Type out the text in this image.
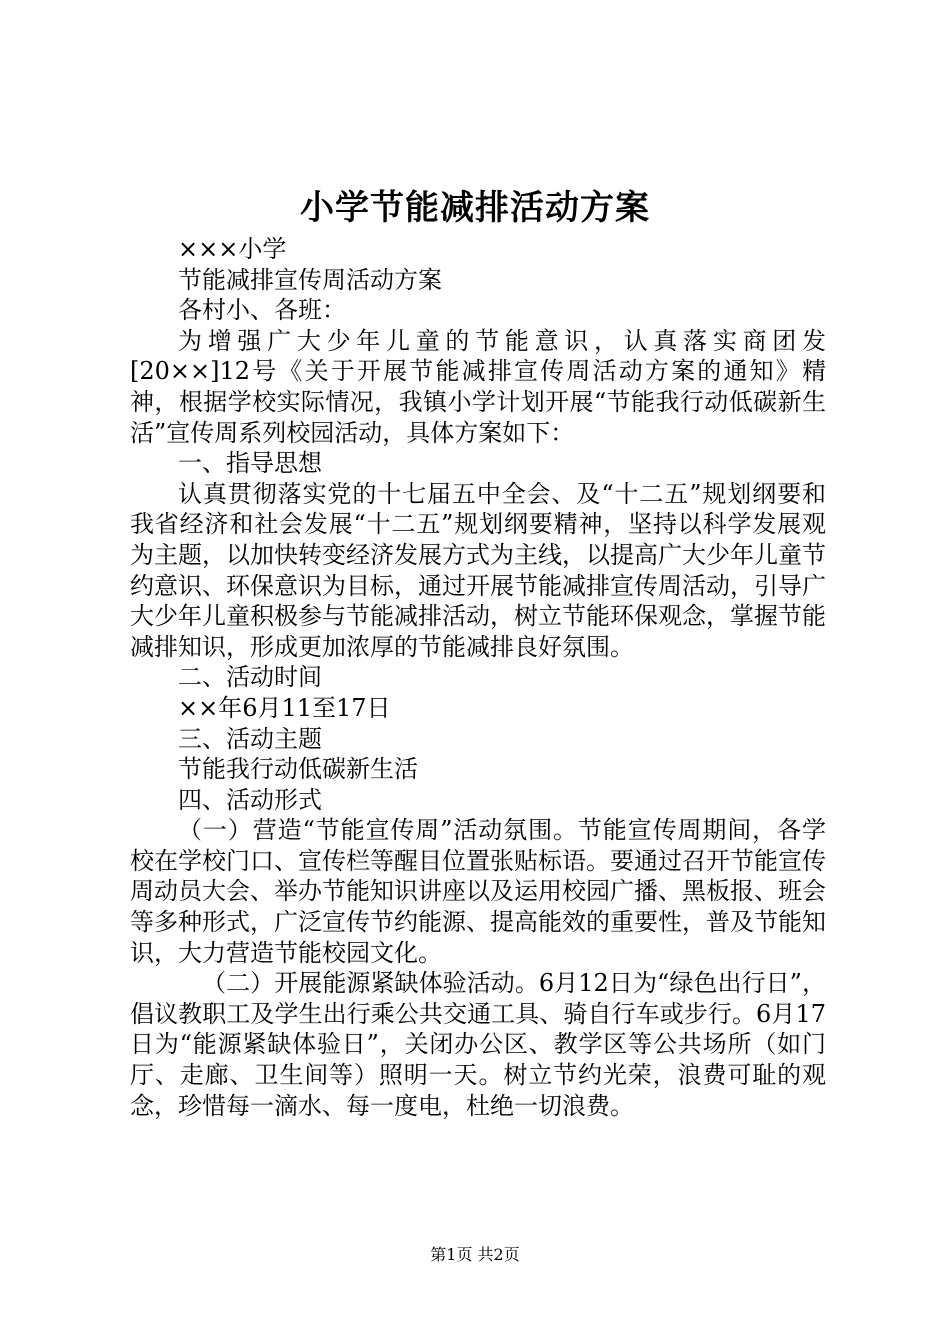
小学节能减排活动方案
×××小学
节能减排宣传周活动方案
各村小、各班：

为增强广大少年儿童的节能意识，认真落实商团发[20××]12号《关于开展节能减排宣传周活动方案的通知》精神，根据学校实际情况，我镇小学计划开展“节能我行动低碳新生活”宣传周系列校园活动，具体方案如下：

一、指导思想

认真贯彻落实党的十七届五中全会、及“十二五”规划纲要和我省经济和社会发展“十二五”规划纲要精神，坚持以科学发展观为主题，以加快转变经济发展方式为主线，以提高广大少年儿童节约意识、环保意识为目标，通过开展节能减排宣传周活动，引导广大少年儿童积极参与节能减排活动，树立节能环保观念，掌握节能减排知识，形成更加浓厚的节能减排良好氛围。

二、活动时间
××年6月11至17日
三、活动主题
节能我行动低碳新生活
四、活动形式

（一）营造“节能宣传周”活动氛围。节能宣传周期间，各学校在学校门口、宣传栏等醒目位置张贴标语。要通过召开节能宣传周动员大会、举办节能知识讲座以及运用校园广播、黑板报、班会等多种形式，广泛宣传节约能源、提高能效的重要性，普及节能知识，大力营造节能校园文化。

（二）开展能源紧缺体验活动。6月12日为“绿色出行日”，倡议教职工及学生出行乘公共交通工具、骑自行车或步行。6月17日为“能源紧缺体验日”，关闭办公区、教学区等公共场所（如门厅、走廊、卫生间等）照明一天。树立节约光荣，浪费可耻的观念，珍惜每一滴水、每一度电，杜绝一切浪费。

第1页 共2页
